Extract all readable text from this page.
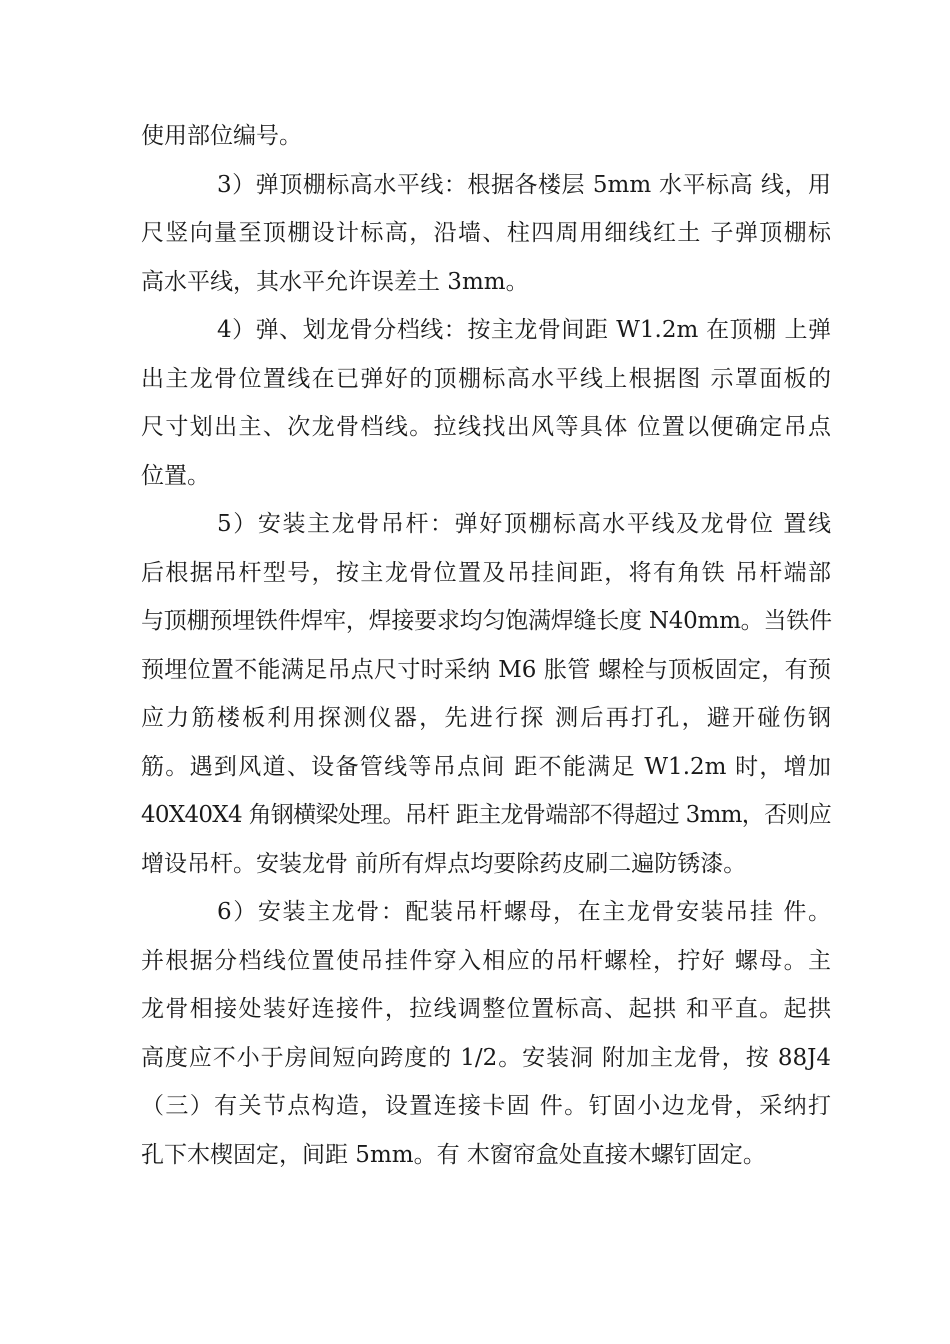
使用部位编号。
3）弹顶棚标高水平线：根据各楼层 5mm 水平标高 线，用
尺竖向量至顶棚设计标高，沿墙、柱四周用细线红土 子弹顶棚标
高水平线，其水平允许误差土 3mm。
4）弹、划龙骨分档线：按主龙骨间距 W1.2m 在顶棚 上弹
出主龙骨位置线在已弹好的顶棚标高水平线上根据图 示罩面板的
尺寸划出主、次龙骨档线。拉线找出风等具体 位置以便确定吊点
位置。
5）安装主龙骨吊杆：弹好顶棚标高水平线及龙骨位 置线
后根据吊杆型号，按主龙骨位置及吊挂间距，将有角铁 吊杆端部
与顶棚预埋铁件焊牢，焊接要求均匀饱满焊缝长度 N40mm。当铁件
预埋位置不能满足吊点尺寸时采纳 M6 胀管 螺栓与顶板固定，有预
应力筋楼板利用探测仪器，先进行探 测后再打孔，避开碰伤钢
筋。遇到风道、设备管线等吊点间 距不能满足 W1.2m 时，增加
40X40X4 角钢横梁处理。吊杆 距主龙骨端部不得超过 3mm，否则应
增设吊杆。安装龙骨 前所有焊点均要除药皮刷二遍防锈漆。
6）安装主龙骨：配装吊杆螺母，在主龙骨安装吊挂 件。
并根据分档线位置使吊挂件穿入相应的吊杆螺栓，拧好 螺母。主
龙骨相接处装好连接件，拉线调整位置标高、起拱 和平直。起拱
高度应不小于房间短向跨度的 1/2。安装洞 附加主龙骨，按 88J4
（三）有关节点构造，设置连接卡固 件。钉固小边龙骨，采纳打
孔下木楔固定，间距 5mm。有 木窗帘盒处直接木螺钉固定。
